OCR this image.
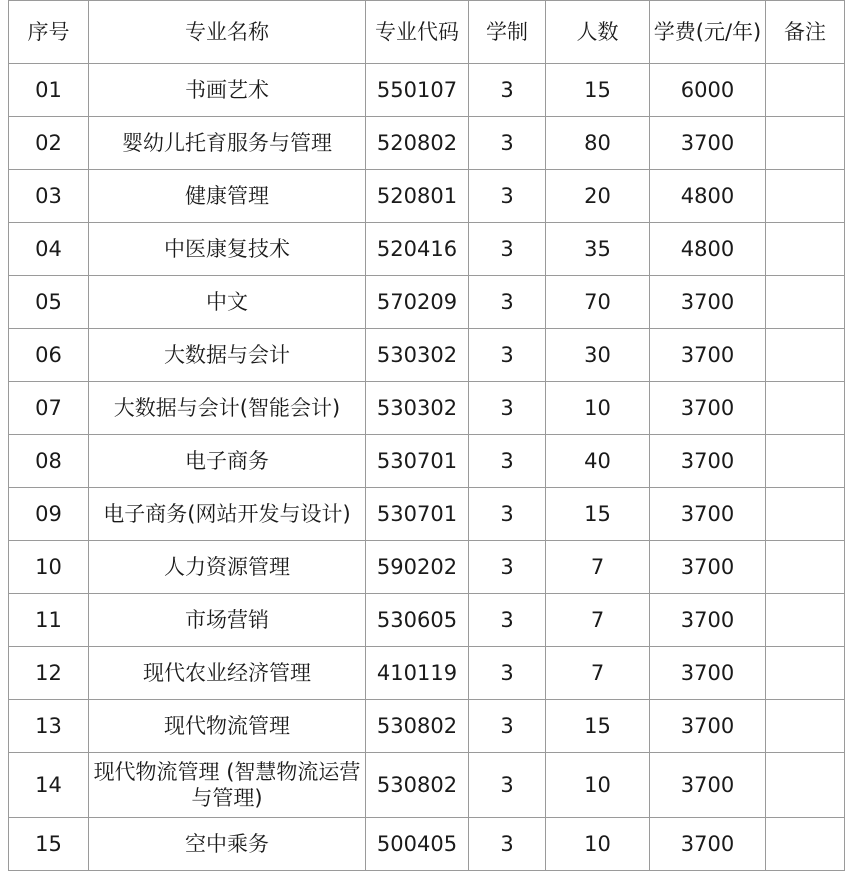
序号	专业名称	专业代码	学制	人数	学费(元/年)	备注
01	书画艺术	550107	3	15	6000	
02	婴幼儿托育服务与管理	520802	3	80	3700	
03	健康管理	520801	3	20	4800	
04	中医康复技术	520416	3	35	4800	
05	中文	570209	3	70	3700	
06	大数据与会计	530302	3	30	3700	
07	大数据与会计(智能会计)	530302	3	10	3700	
08	电子商务	530701	3	40	3700	
09	电子商务(网站开发与设计)	530701	3	15	3700	
10	人力资源管理	590202	3	7	3700	
11	市场营销	530605	3	7	3700	
12	现代农业经济管理	410119	3	7	3700	
13	现代物流管理	530802	3	15	3700	
14	现代物流管理 (智慧物流运营与管理)	530802	3	10	3700	
15	空中乘务	500405	3	10	3700	
